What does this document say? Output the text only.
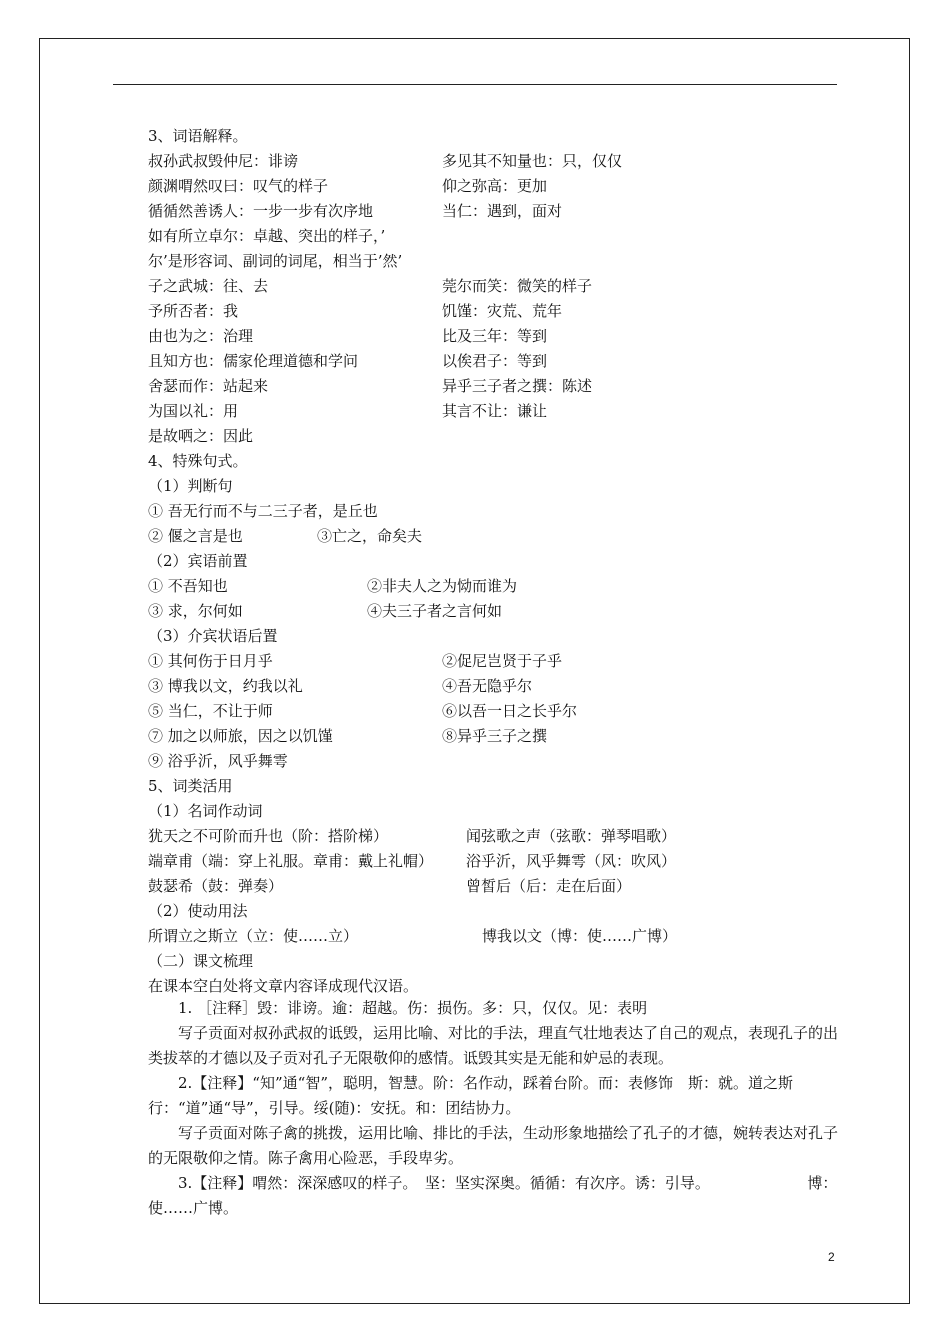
3、词语解释。
叔孙武叔毁仲尼：诽谤	多见其不知量也：只，仅仅
颜渊喟然叹曰：叹气的样子	仰之弥高：更加
循循然善诱人：一步一步有次序地	当仁：遇到，面对
如有所立卓尔：卓越、突出的样子，’
尔’是形容词、副词的词尾，相当于’然’
子之武城：往、去	莞尔而笑：微笑的样子
予所否者：我	饥馑：灾荒、荒年
由也为之：治理	比及三年：等到
且知方也：儒家伦理道德和学问	以俟君子：等到
舍瑟而作：站起来	异乎三子者之撰：陈述
为国以礼：用	其言不让：谦让
是故哂之：因此
4、特殊句式。
（1）判断句
① 吾无行而不与二三子者，是丘也
② 偃之言是也	③亡之，命矣夫
（2）宾语前置
① 不吾知也	②非夫人之为恸而谁为
③ 求，尔何如	④夫三子者之言何如
（3）介宾状语后置
① 其何伤于日月乎	②促尼岂贤于子乎
③ 博我以文，约我以礼	④吾无隐乎尔
⑤ 当仁，不让于师	⑥以吾一日之长乎尔
⑦ 加之以师旅，因之以饥馑	⑧异乎三子之撰
⑨ 浴乎沂，风乎舞雩
5、词类活用
（1）名词作动词
犹天之不可阶而升也（阶：搭阶梯）	闻弦歌之声（弦歌：弹琴唱歌）
端章甫（端：穿上礼服。章甫：戴上礼帽） 浴乎沂，风乎舞雩（风：吹风）
鼓瑟希（鼓：弹奏）	曾皙后（后：走在后面）
（2）使动用法
所谓立之斯立（立：使……立）	博我以文（博：使……广博）
（二）课文梳理
在课本空白处将文章内容译成现代汉语。
1. ［注释］毁：诽谤。逾：超越。伤：损伤。多：只，仅仅。见：表明
写子贡面对叔孙武叔的诋毁，运用比喻、对比的手法，理直气壮地表达了自己的观点，表现孔子的出类拔萃的才德以及子贡对孔子无限敬仰的感情。诋毁其实是无能和妒忌的表现。
2.【注释】“知”通“智”，聪明，智慧。阶：名作动，踩着台阶。而：表修饰　斯：就。道之斯行：“道”通“导”，引导。绥(随)：安抚。和：团结协力。
写子贡面对陈子禽的挑拨，运用比喻、排比的手法，生动形象地描绘了孔子的才德，婉转表达对孔子的无限敬仰之情。陈子禽用心险恶，手段卑劣。
3.【注释】喟然：深深感叹的样子。　坚：坚实深奥。循循：有次序。诱：引导。　　　　　　　博：使……广博。
2
